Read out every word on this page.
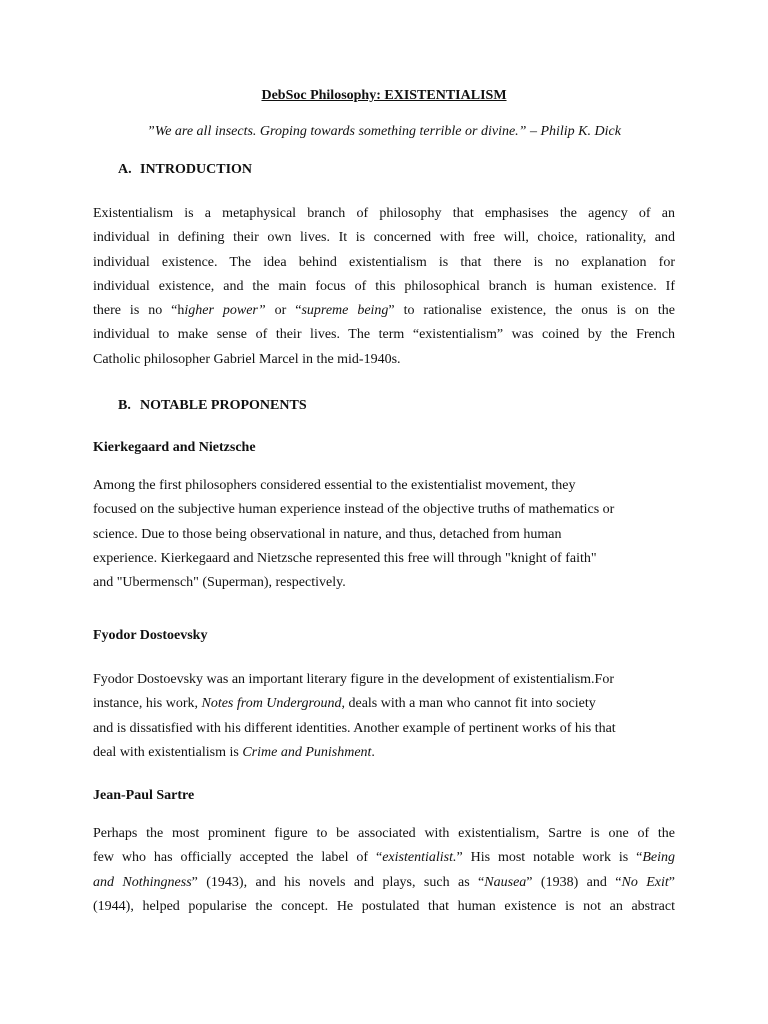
DebSoc Philosophy: EXISTENTIALISM
”We are all insects. Groping towards something terrible or divine.” – Philip K. Dick
A. INTRODUCTION
Existentialism is a metaphysical branch of philosophy that emphasises the agency of an
individual in defining their own lives. It is concerned with free will, choice, rationality, and
individual existence. The idea behind existentialism is that there is no explanation for
individual existence, and the main focus of this philosophical branch is human existence. If
there is no “higher power” or “supreme being” to rationalise existence, the onus is on the
individual to make sense of their lives. The term “existentialism” was coined by the French
Catholic philosopher Gabriel Marcel in the mid-1940s.
B. NOTABLE PROPONENTS
Kierkegaard and Nietzsche
Among the first philosophers considered essential to the existentialist movement, they
focused on the subjective human experience instead of the objective truths of mathematics or
science. Due to those being observational in nature, and thus, detached from human
experience. Kierkegaard and Nietzsche represented this free will through "knight of faith"
and "Ubermensch" (Superman), respectively.
Fyodor Dostoevsky
Fyodor Dostoevsky was an important literary figure in the development of existentialism.For
instance, his work, Notes from Underground, deals with a man who cannot fit into society
and is dissatisfied with his different identities. Another example of pertinent works of his that
deal with existentialism is Crime and Punishment.
Jean-Paul Sartre
Perhaps the most prominent figure to be associated with existentialism, Sartre is one of the
few who has officially accepted the label of “existentialist.” His most notable work is “Being
and Nothingness” (1943), and his novels and plays, such as “Nausea” (1938) and “No Exit”
(1944), helped popularise the concept. He postulated that human existence is not an abstract
